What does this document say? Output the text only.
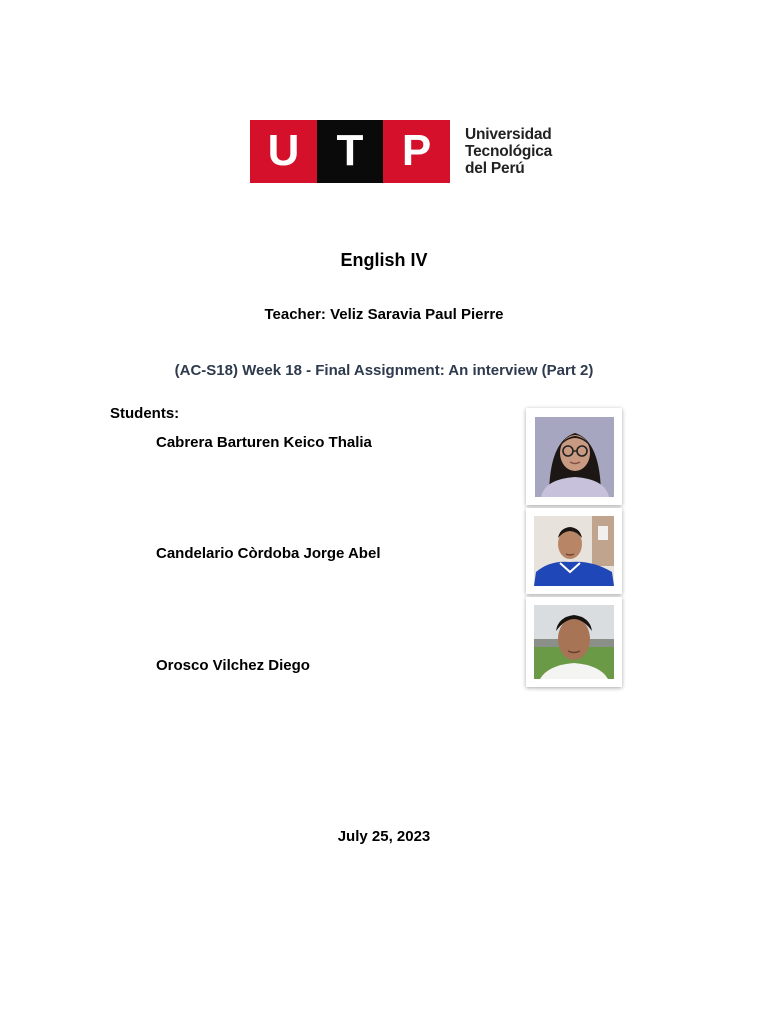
U T P	Universidad
Tecnológica
del Perú
English IV
Teacher: Veliz Saravia Paul Pierre
(AC-S18) Week 18 - Final Assignment: An interview (Part 2)
Students:
Cabrera Barturen Keico Thalia
Candelario Còrdoba Jorge Abel
Orosco Vilchez Diego
July 25, 2023
